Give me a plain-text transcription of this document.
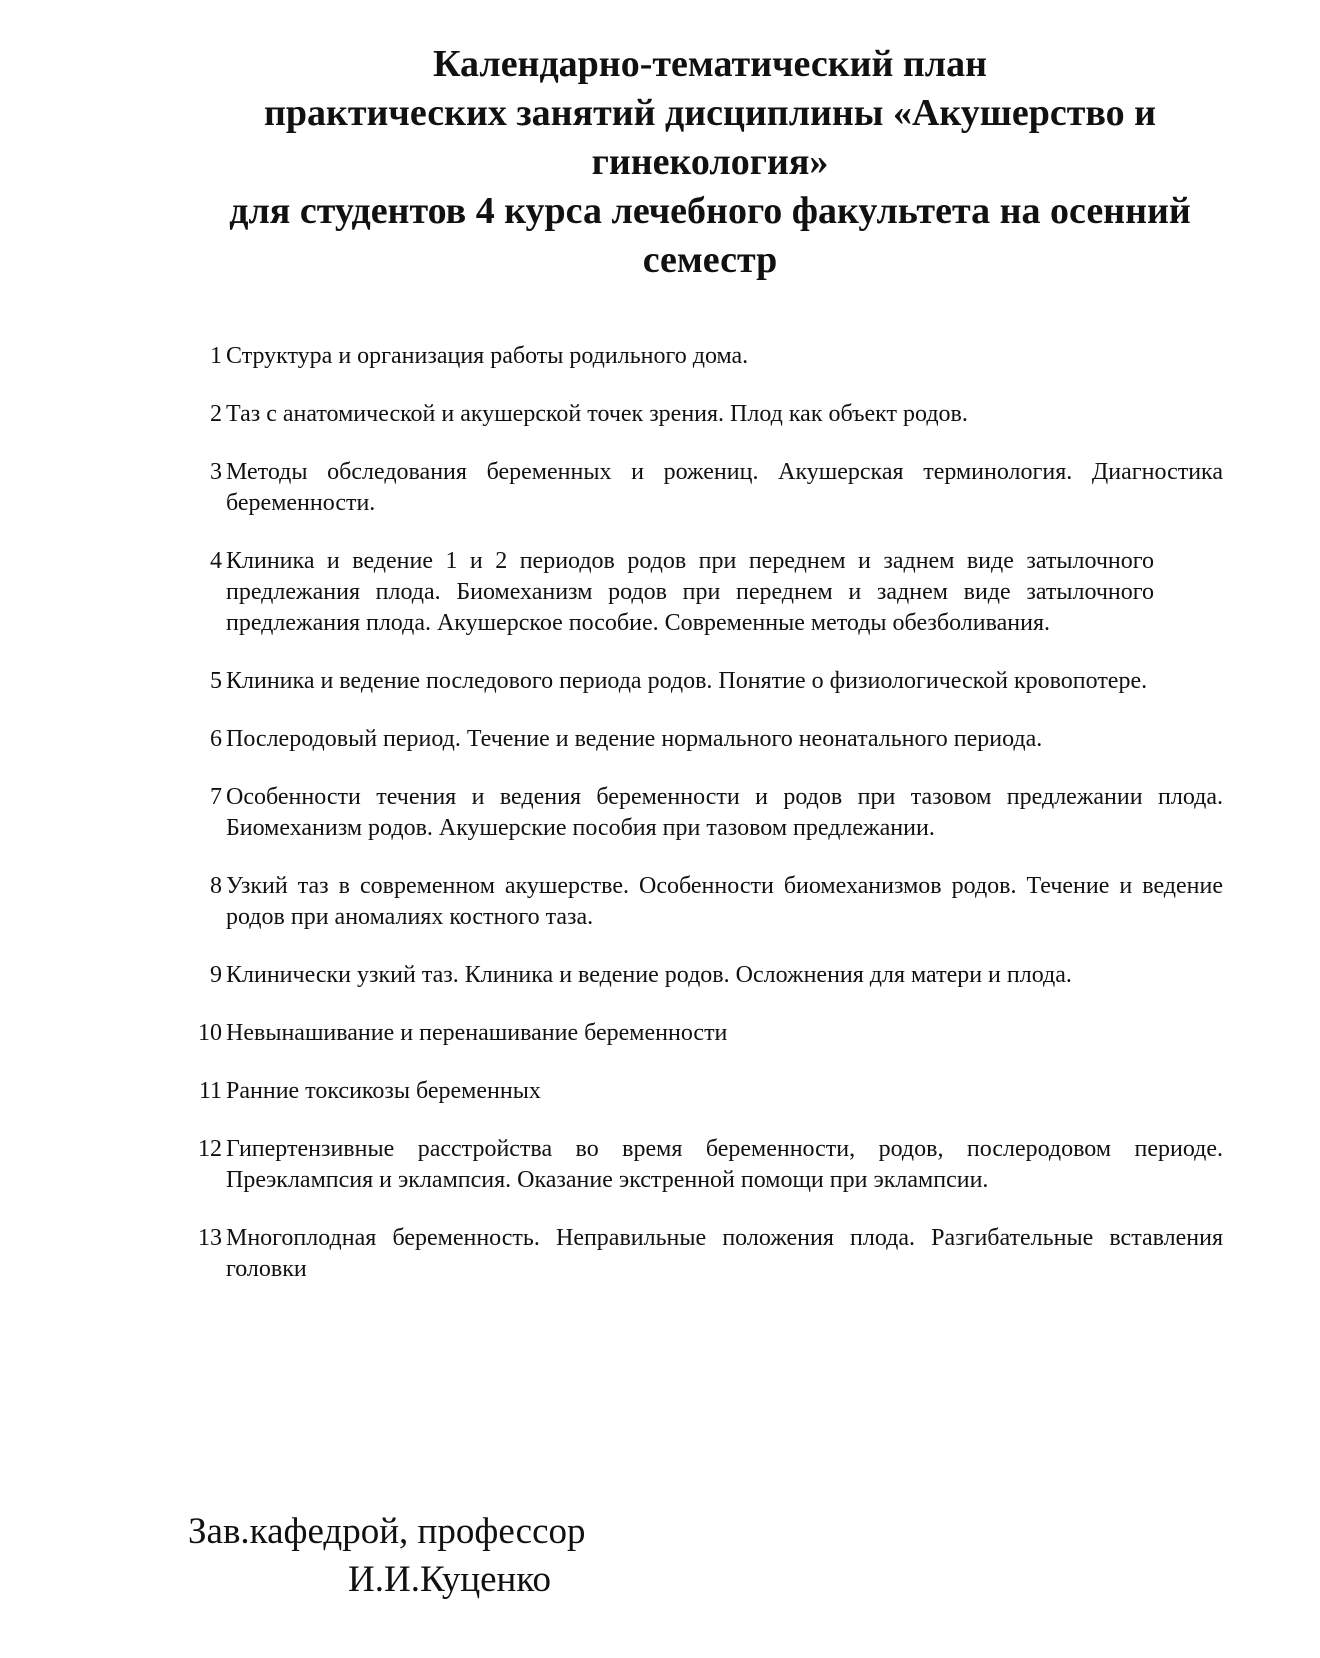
Календарно-тематический план
практических занятий дисциплины «Акушерство и
гинекология»
для студентов 4 курса лечебного факультета на осенний
семестр
1 Структура и организация работы родильного дома.
2 Таз с анатомической и акушерской точек зрения. Плод как объект родов.
3 Методы обследования беременных и рожениц. Акушерская терминология. Диагностика беременности.
4 Клиника и ведение 1 и 2 периодов родов при переднем и заднем виде затылочного предлежания плода. Биомеханизм родов при переднем и заднем виде затылочного предлежания плода. Акушерское пособие. Современные методы обезболивания.
5 Клиника и ведение последового периода родов. Понятие о физиологической кровопотере.
6 Послеродовый период. Течение и ведение нормального неонатального периода.
7 Особенности течения и ведения беременности и родов при тазовом предлежании плода. Биомеханизм родов. Акушерские пособия при тазовом предлежании.
8 Узкий таз в современном акушерстве. Особенности биомеханизмов родов. Течение и ведение родов при аномалиях костного таза.
9 Клинически узкий таз. Клиника и ведение родов. Осложнения для матери и плода.
10 Невынашивание и перенашивание беременности
11 Ранние токсикозы беременных
12 Гипертензивные расстройства во время беременности, родов, послеродовом периоде. Преэклампсия и эклампсия. Оказание экстренной помощи при эклампсии.
13 Многоплодная беременность. Неправильные положения плода. Разгибательные вставления головки
Зав.кафедрой, профессор
И.И.Куценко
